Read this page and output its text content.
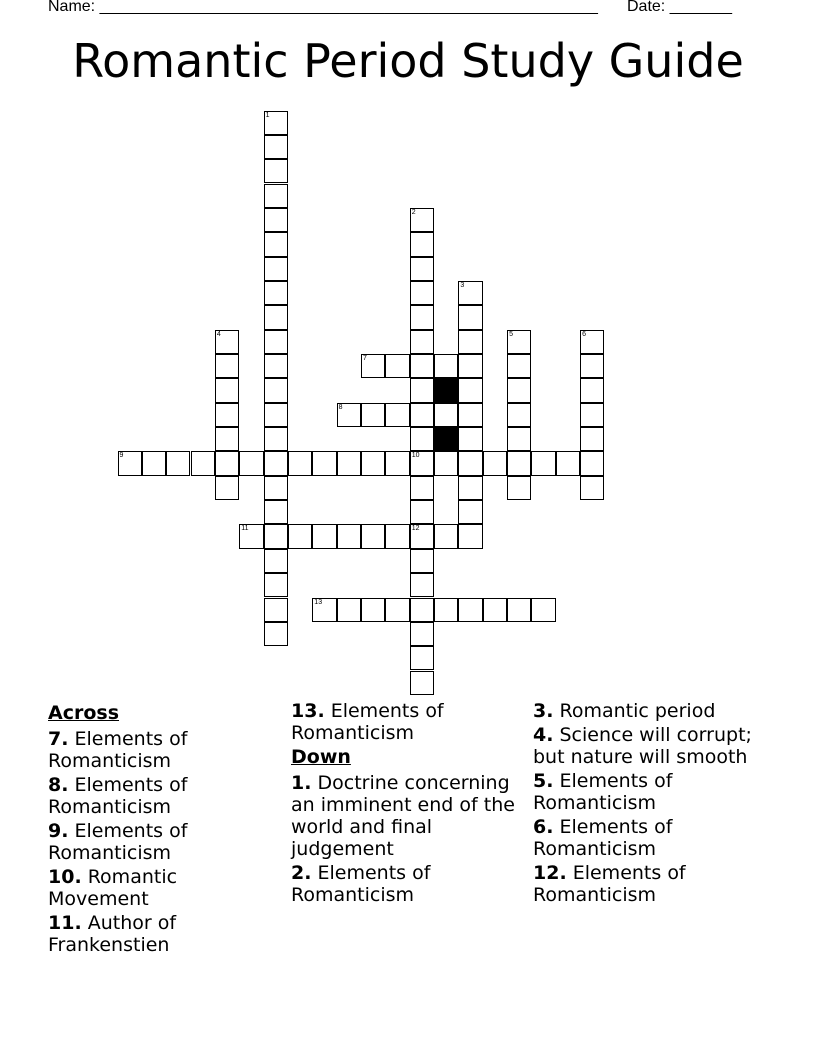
Name: ________________________________________________________ Date: _______
Romantic Period Study Guide
1
2
10
12
3
4	5	6
7
8
9
11
13
Across
7. Elements of Romanticism
8. Elements of Romanticism
9. Elements of Romanticism
10. Romantic Movement
11. Author of Frankenstien
13. Elements of Romanticism
Down
1. Doctrine concerning an imminent end of the world and final judgement
2. Elements of Romanticism
3. Romantic period
4. Science will corrupt; but nature will smooth
5. Elements of Romanticism
6. Elements of Romanticism
12. Elements of Romanticism
